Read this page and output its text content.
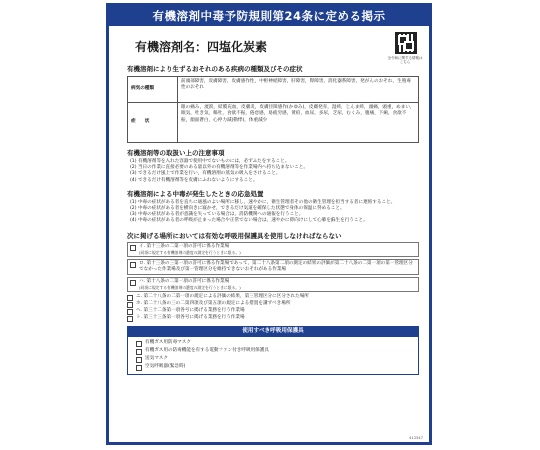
有機溶剤中毒予防規則第24条に定める掲示
有機溶剤名：四塩化炭素
全令和に関する情報はこちら
有機溶剤により生ずるおそれのある疾病の種類及びその症状
病気の種類	前頭部障害，皮膚障害，皮膚感作性，中枢神経障害，肝障害，腎障害，消化器系障害，発がんのおそれ，生殖毒性のおそれ
症　　状	眼の痛み，流涙，結膜充血，皮膚炎，皮膚径障感作(かゆみ)，皮膚発赤，湿疹，じんま疹，頭痛，頭重，めまい，眠気，吐き気，嘔吐，食欲不振，倦怠感，易疲労感，黄疸，血尿，多尿，乏尿，むくみ，腹痛，下痢，食欲不振，顔面蒼白，心停力減(動悸)，体重減少
有機溶剤等の取扱い上の注意事項
(1) 有機溶剤等を入れた容器で使用中でないものには，必ずふたをすること。
(2) 当日の作業に直接必要のある量以外の有機溶剤等を作業場内へ持ち込まないこと。
(3) できるだけ風上で作業を行い，有機溶剤の蒸気の吸入をさけること。
(4) できるだけ有機溶剤等を皮膚にふれないようにすること。
有機溶剤による中毒が発生したときの応急処置
(1) 中毒の症状がある者を直ちに通風のよい場所に移し，速やかに，衛生管理者その他の衛生管理を担当する者に連絡すること。
(2) 中毒の症状がある者を横向きに寝かせ，できるだけ気道を確保した状態で身体の保温に努めること。
(3) 中毒の症状がある者が意識を失っている場合は，消防機関への通報を行うこと。
(4) 中毒の症状がある者の呼吸が止まった場合や正常でない場合は，速やかに仰向けにして心肺を蘇生を行うこと。
次に掲げる場所においては有効な呼吸用保護具を使用しなければならない
イ. 第十三条の二第一項の許可に係る作業場
(同項に規定する有機溶剤の濃度の測定を行うときに限る。)
ロ. 第十三条の三第一項の許可に係る作業場であって，第二十八条第二項の測定の結果の評価が第二十八条の二第一項の第一管理区分でなかった作業場及び第一管理区分を維持できないおそれがある作業場
ハ. 第十八条の二第一項の許可に係る作業場
(同項に規定する有機溶剤の濃度の測定を行うときに限る。)
ニ. 第二十八条の二第一項の規定による評価の結果，第三管理区分に区分された場所
ホ. 第二十八条の三の二第四項及び第五項の規定による措置を講ずべき場所
ヘ. 第三十二条第一項各号に掲げる業務を行う作業場
ト. 第三十三条第一項各号に掲げる業務を行う作業場
使用すべき呼吸用保護具
有機ガス用防毒マスク
有機ガス用の防毒機能を有する電動ファン付き呼吸用保護具
送気マスク
空気呼吸器(緊急時)
412547
